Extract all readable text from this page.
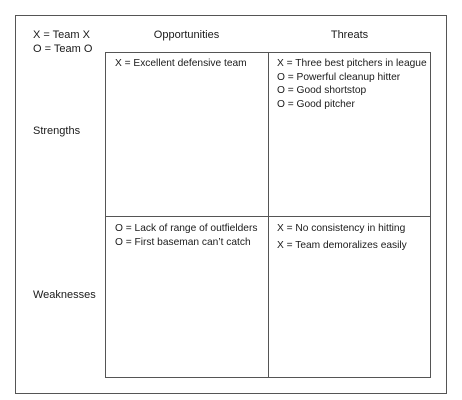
X = Team X
O = Team O
Opportunities	Threats
Strengths
Weaknesses
X = Excellent defensive team	X = Three best pitchers in league
O = Powerful cleanup hitter
O = Good shortstop
O = Good pitcher
O = Lack of range of outfielders
O = First baseman can’t catch
X = No consistency in hitting
X = Team demoralizes easily
